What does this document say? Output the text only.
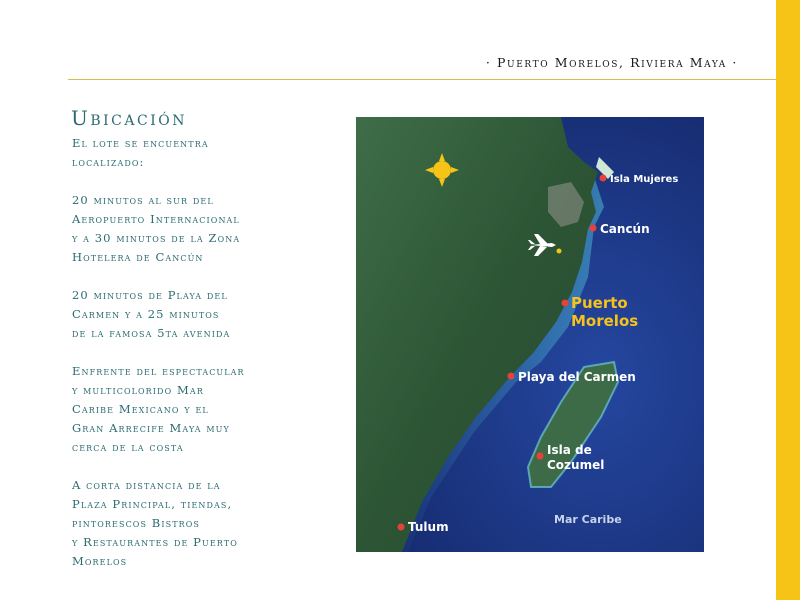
· Puerto Morelos, Riviera Maya ·
Ubicación

El lote se encuentra
localizado:

20 minutos al sur del
Aeropuerto Internacional
y a 30 minutos de la Zona
Hotelera de Cancún

20 minutos de Playa del
Carmen y a 25 minutos
de la famosa 5ta avenida

Enfrente del espectacular
y multicolorido Mar
Caribe Mexicano y el
Gran Arrecife Maya muy
cerca de la costa

A corta distancia de la
Plaza Principal, tiendas,
pintorescos Bistros
y Restaurantes de Puerto
Morelos

Isla Mujeres
Cancún
Puerto
Morelos
Playa del Carmen
Isla de
Cozumel
Tulum
Mar Caribe
